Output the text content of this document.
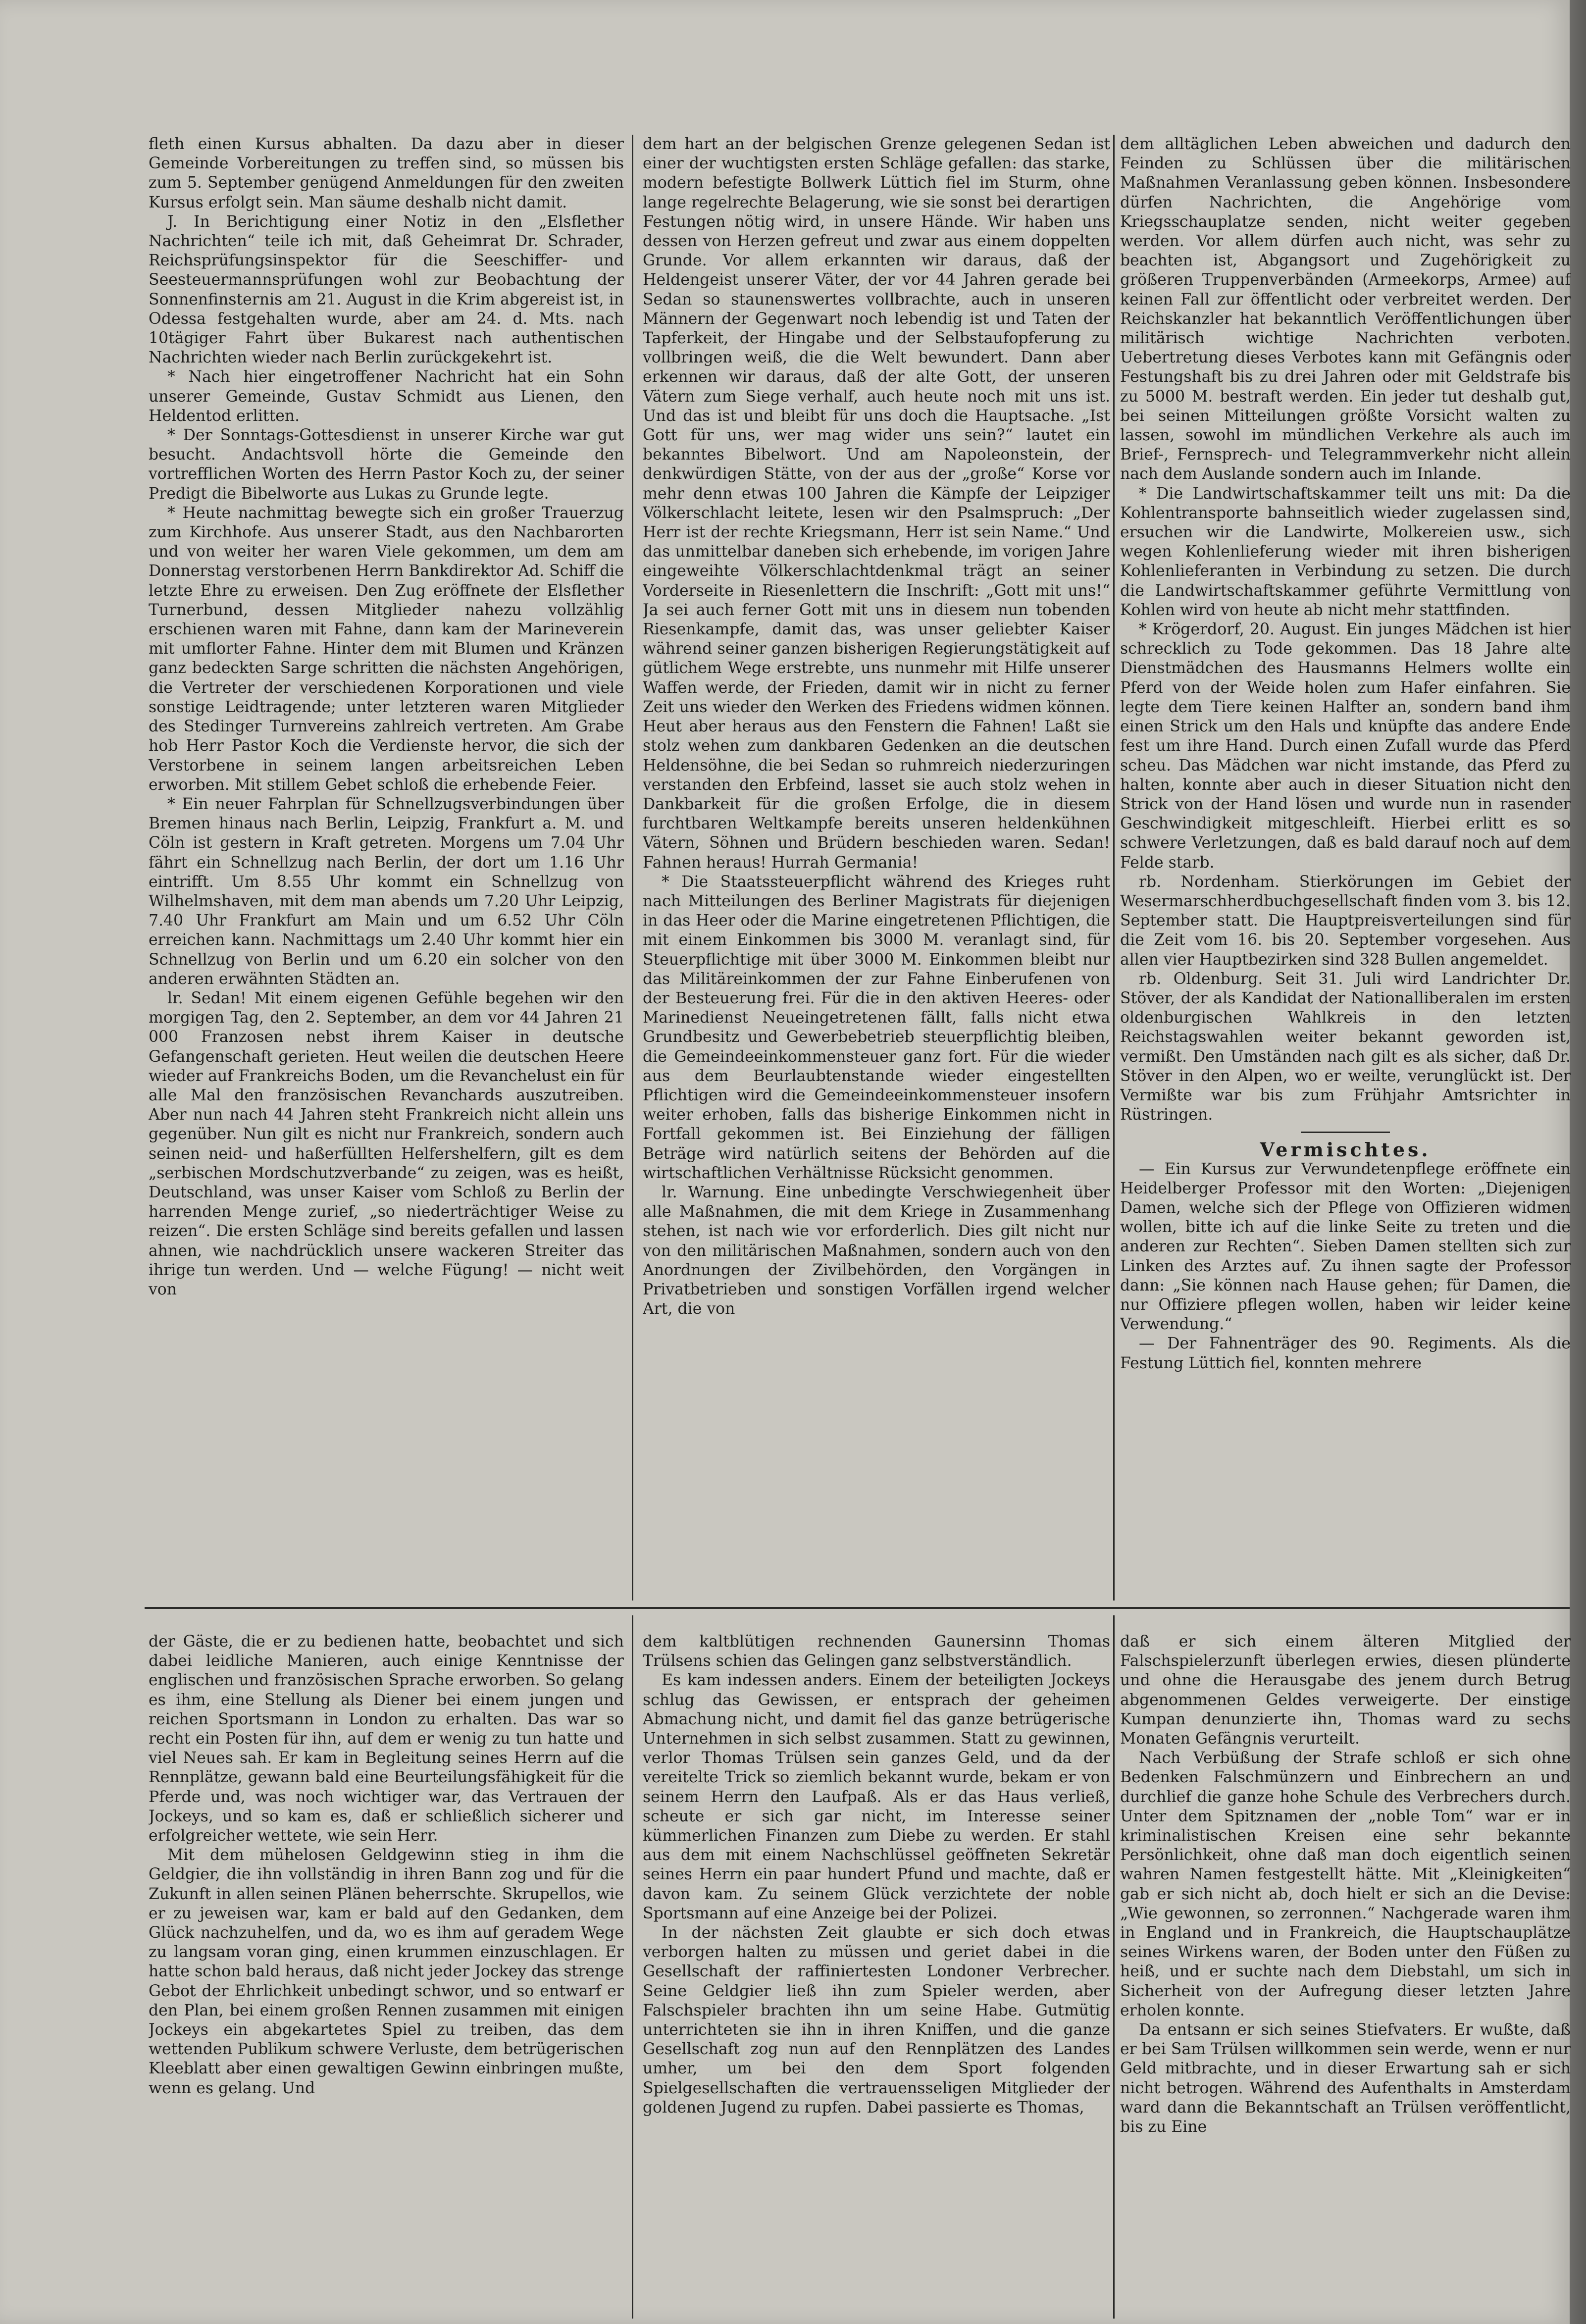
fleth einen Kursus abhalten. Da dazu aber in dieser Gemeinde Vorbereitungen zu treffen sind, so müssen bis zum 5. September genügend Anmeldungen für den zweiten Kursus erfolgt sein. Man säume deshalb nicht damit.

J. In Berichtigung einer Notiz in den „Elsflether Nachrichten“ teile ich mit, daß Geheimrat Dr. Schrader, Reichsprüfungsinspektor für die Seeschiffer- und Seesteuermannsprüfungen wohl zur Beobachtung der Sonnenfinsternis am 21. August in die Krim abgereist ist, in Odessa festgehalten wurde, aber am 24. d. Mts. nach 10tägiger Fahrt über Bukarest nach authentischen Nachrichten wieder nach Berlin zurückgekehrt ist.

* Nach hier eingetroffener Nachricht hat ein Sohn unserer Gemeinde, Gustav Schmidt aus Lienen, den Heldentod erlitten.

* Der Sonntags-Gottesdienst in unserer Kirche war gut besucht. Andachtsvoll hörte die Gemeinde den vortrefflichen Worten des Herrn Pastor Koch zu, der seiner Predigt die Bibelworte aus Lukas zu Grunde legte.

* Heute nachmittag bewegte sich ein großer Trauerzug zum Kirchhofe. Aus unserer Stadt, aus den Nachbarorten und von weiter her waren Viele gekommen, um dem am Donnerstag verstorbenen Herrn Bankdirektor Ad. Schiff die letzte Ehre zu erweisen. Den Zug eröffnete der Elsflether Turnerbund, dessen Mitglieder nahezu vollzählig erschienen waren mit Fahne, dann kam der Marineverein mit umflorter Fahne. Hinter dem mit Blumen und Kränzen ganz bedeckten Sarge schritten die nächsten Angehörigen, die Vertreter der verschiedenen Korporationen und viele sonstige Leidtragende; unter letzteren waren Mitglieder des Stedinger Turnvereins zahlreich vertreten. Am Grabe hob Herr Pastor Koch die Verdienste hervor, die sich der Verstorbene in seinem langen arbeitsreichen Leben erworben. Mit stillem Gebet schloß die erhebende Feier.

* Ein neuer Fahrplan für Schnellzugsverbindungen über Bremen hinaus nach Berlin, Leipzig, Frankfurt a. M. und Cöln ist gestern in Kraft getreten. Morgens um 7.04 Uhr fährt ein Schnellzug nach Berlin, der dort um 1.16 Uhr eintrifft. Um 8.55 Uhr kommt ein Schnellzug von Wilhelmshaven, mit dem man abends um 7.20 Uhr Leipzig, 7.40 Uhr Frankfurt am Main und um 6.52 Uhr Cöln erreichen kann. Nachmittags um 2.40 Uhr kommt hier ein Schnellzug von Berlin und um 6.20 ein solcher von den anderen erwähnten Städten an.

lr. Sedan! Mit einem eigenen Gefühle begehen wir den morgigen Tag, den 2. September, an dem vor 44 Jahren 21 000 Franzosen nebst ihrem Kaiser in deutsche Gefangenschaft gerieten. Heut weilen die deutschen Heere wieder auf Frankreichs Boden, um die Revanchelust ein für alle Mal den französischen Revanchards auszutreiben. Aber nun nach 44 Jahren steht Frankreich nicht allein uns gegenüber. Nun gilt es nicht nur Frankreich, sondern auch seinen neid- und haßerfüllten Helfershelfern, gilt es dem „serbischen Mordschutzverbande“ zu zeigen, was es heißt, Deutschland, was unser Kaiser vom Schloß zu Berlin der harrenden Menge zurief, „so niederträchtiger Weise zu reizen“. Die ersten Schläge sind bereits gefallen und lassen ahnen, wie nachdrücklich unsere wackeren Streiter das ihrige tun werden. Und — welche Fügung! — nicht weit von

dem hart an der belgischen Grenze gelegenen Sedan ist einer der wuchtigsten ersten Schläge gefallen: das starke, modern befestigte Bollwerk Lüttich fiel im Sturm, ohne lange regelrechte Belagerung, wie sie sonst bei derartigen Festungen nötig wird, in unsere Hände. Wir haben uns dessen von Herzen gefreut und zwar aus einem doppelten Grunde. Vor allem erkannten wir daraus, daß der Heldengeist unserer Väter, der vor 44 Jahren gerade bei Sedan so staunenswertes vollbrachte, auch in unseren Männern der Gegenwart noch lebendig ist und Taten der Tapferkeit, der Hingabe und der Selbstaufopferung zu vollbringen weiß, die die Welt bewundert. Dann aber erkennen wir daraus, daß der alte Gott, der unseren Vätern zum Siege verhalf, auch heute noch mit uns ist. Und das ist und bleibt für uns doch die Hauptsache. „Ist Gott für uns, wer mag wider uns sein?“ lautet ein bekanntes Bibelwort. Und am Napoleonstein, der denkwürdigen Stätte, von der aus der „große“ Korse vor mehr denn etwas 100 Jahren die Kämpfe der Leipziger Völkerschlacht leitete, lesen wir den Psalmspruch: „Der Herr ist der rechte Kriegsmann, Herr ist sein Name.“ Und das unmittelbar daneben sich erhebende, im vorigen Jahre eingeweihte Völkerschlachtdenkmal trägt an seiner Vorderseite in Riesenlettern die Inschrift: „Gott mit uns!“ Ja sei auch ferner Gott mit uns in diesem nun tobenden Riesenkampfe, damit das, was unser geliebter Kaiser während seiner ganzen bisherigen Regierungstätigkeit auf gütlichem Wege erstrebte, uns nunmehr mit Hilfe unserer Waffen werde, der Frieden, damit wir in nicht zu ferner Zeit uns wieder den Werken des Friedens widmen können. Heut aber heraus aus den Fenstern die Fahnen! Laßt sie stolz wehen zum dankbaren Gedenken an die deutschen Heldensöhne, die bei Sedan so ruhmreich niederzuringen verstanden den Erbfeind, lasset sie auch stolz wehen in Dankbarkeit für die großen Erfolge, die in diesem furchtbaren Weltkampfe bereits unseren heldenkühnen Vätern, Söhnen und Brüdern beschieden waren. Sedan! Fahnen heraus! Hurrah Germania!

* Die Staatssteuerpflicht während des Krieges ruht nach Mitteilungen des Berliner Magistrats für diejenigen in das Heer oder die Marine eingetretenen Pflichtigen, die mit einem Einkommen bis 3000 M. veranlagt sind, für Steuerpflichtige mit über 3000 M. Einkommen bleibt nur das Militäreinkommen der zur Fahne Einberufenen von der Besteuerung frei. Für die in den aktiven Heeres- oder Marinedienst Neueingetretenen fällt, falls nicht etwa Grundbesitz und Gewerbebetrieb steuerpflichtig bleiben, die Gemeindeeinkommensteuer ganz fort. Für die wieder aus dem Beurlaubtenstande wieder eingestellten Pflichtigen wird die Gemeindeeinkommensteuer insofern weiter erhoben, falls das bisherige Einkommen nicht in Fortfall gekommen ist. Bei Einziehung der fälligen Beträge wird natürlich seitens der Behörden auf die wirtschaftlichen Verhältnisse Rücksicht genommen.

lr. Warnung. Eine unbedingte Verschwiegenheit über alle Maßnahmen, die mit dem Kriege in Zusammenhang stehen, ist nach wie vor erforderlich. Dies gilt nicht nur von den militärischen Maßnahmen, sondern auch von den Anordnungen der Zivilbehörden, den Vorgängen in Privatbetrieben und sonstigen Vorfällen irgend welcher Art, die von

dem alltäglichen Leben abweichen und dadurch den Feinden zu Schlüssen über die militärischen Maßnahmen Veranlassung geben können. Insbesondere dürfen Nachrichten, die Angehörige vom Kriegsschauplatze senden, nicht weiter gegeben werden. Vor allem dürfen auch nicht, was sehr zu beachten ist, Abgangsort und Zugehörigkeit zu größeren Truppenverbänden (Armeekorps, Armee) auf keinen Fall zur öffentlicht oder verbreitet werden. Der Reichskanzler hat bekanntlich Veröffentlichungen über militärisch wichtige Nachrichten verboten. Uebertretung dieses Verbotes kann mit Gefängnis oder Festungshaft bis zu drei Jahren oder mit Geldstrafe bis zu 5000 M. bestraft werden. Ein jeder tut deshalb gut, bei seinen Mitteilungen größte Vorsicht walten zu lassen, sowohl im mündlichen Verkehre als auch im Brief-, Fernsprech- und Telegrammverkehr nicht allein nach dem Auslande sondern auch im Inlande.

* Die Landwirtschaftskammer teilt uns mit: Da die Kohlentransporte bahnseitlich wieder zugelassen sind, ersuchen wir die Landwirte, Molkereien usw., sich wegen Kohlenlieferung wieder mit ihren bisherigen Kohlenlieferanten in Verbindung zu setzen. Die durch die Landwirtschaftskammer geführte Vermittlung von Kohlen wird von heute ab nicht mehr stattfinden.

* Krögerdorf, 20. August. Ein junges Mädchen ist hier schrecklich zu Tode gekommen. Das 18 Jahre alte Dienstmädchen des Hausmanns Helmers wollte ein Pferd von der Weide holen zum Hafer einfahren. Sie legte dem Tiere keinen Halfter an, sondern band ihm einen Strick um den Hals und knüpfte das andere Ende fest um ihre Hand. Durch einen Zufall wurde das Pferd scheu. Das Mädchen war nicht imstande, das Pferd zu halten, konnte aber auch in dieser Situation nicht den Strick von der Hand lösen und wurde nun in rasender Geschwindigkeit mitgeschleift. Hierbei erlitt es so schwere Verletzungen, daß es bald darauf noch auf dem Felde starb.

rb. Nordenham. Stierkörungen im Gebiet der Wesermarschherdbuchgesellschaft finden vom 3. bis 12. September statt. Die Hauptpreisverteilungen sind für die Zeit vom 16. bis 20. September vorgesehen. Aus allen vier Hauptbezirken sind 328 Bullen angemeldet.

rb. Oldenburg. Seit 31. Juli wird Landrichter Dr. Stöver, der als Kandidat der Nationalliberalen im ersten oldenburgischen Wahlkreis in den letzten Reichstagswahlen weiter bekannt geworden ist, vermißt. Den Umständen nach gilt es als sicher, daß Dr. Stöver in den Alpen, wo er weilte, verunglückt ist. Der Vermißte war bis zum Frühjahr Amtsrichter in Rüstringen.

Vermischtes.

— Ein Kursus zur Verwundetenpflege eröffnete ein Heidelberger Professor mit den Worten: „Diejenigen Damen, welche sich der Pflege von Offizieren widmen wollen, bitte ich auf die linke Seite zu treten und die anderen zur Rechten“. Sieben Damen stellten sich zur Linken des Arztes auf. Zu ihnen sagte der Professor dann: „Sie können nach Hause gehen; für Damen, die nur Offiziere pflegen wollen, haben wir leider keine Verwendung.“

— Der Fahnenträger des 90. Regiments. Als die Festung Lüttich fiel, konnten mehrere

der Gäste, die er zu bedienen hatte, beobachtet und sich dabei leidliche Manieren, auch einige Kenntnisse der englischen und französischen Sprache erworben. So gelang es ihm, eine Stellung als Diener bei einem jungen und reichen Sportsmann in London zu erhalten. Das war so recht ein Posten für ihn, auf dem er wenig zu tun hatte und viel Neues sah. Er kam in Begleitung seines Herrn auf die Rennplätze, gewann bald eine Beurteilungsfähigkeit für die Pferde und, was noch wichtiger war, das Vertrauen der Jockeys, und so kam es, daß er schließlich sicherer und erfolgreicher wettete, wie sein Herr.

Mit dem mühelosen Geldgewinn stieg in ihm die Geldgier, die ihn vollständig in ihren Bann zog und für die Zukunft in allen seinen Plänen beherrschte. Skrupellos, wie er zu jeweisen war, kam er bald auf den Gedanken, dem Glück nachzuhelfen, und da, wo es ihm auf geradem Wege zu langsam voran ging, einen krummen einzuschlagen. Er hatte schon bald heraus, daß nicht jeder Jockey das strenge Gebot der Ehrlichkeit unbedingt schwor, und so entwarf er den Plan, bei einem großen Rennen zusammen mit einigen Jockeys ein abgekartetes Spiel zu treiben, das dem wettenden Publikum schwere Verluste, dem betrügerischen Kleeblatt aber einen gewaltigen Gewinn einbringen mußte, wenn es gelang. Und

dem kaltblütigen rechnenden Gaunersinn Thomas Trülsens schien das Gelingen ganz selbstverständlich.

Es kam indessen anders. Einem der beteiligten Jockeys schlug das Gewissen, er entsprach der geheimen Abmachung nicht, und damit fiel das ganze betrügerische Unternehmen in sich selbst zusammen. Statt zu gewinnen, verlor Thomas Trülsen sein ganzes Geld, und da der vereitelte Trick so ziemlich bekannt wurde, bekam er von seinem Herrn den Laufpaß. Als er das Haus verließ, scheute er sich gar nicht, im Interesse seiner kümmerlichen Finanzen zum Diebe zu werden. Er stahl aus dem mit einem Nachschlüssel geöffneten Sekretär seines Herrn ein paar hundert Pfund und machte, daß er davon kam. Zu seinem Glück verzichtete der noble Sportsmann auf eine Anzeige bei der Polizei.

In der nächsten Zeit glaubte er sich doch etwas verborgen halten zu müssen und geriet dabei in die Gesellschaft der raffiniertesten Londoner Verbrecher. Seine Geldgier ließ ihn zum Spieler werden, aber Falschspieler brachten ihn um seine Habe. Gutmütig unterrichteten sie ihn in ihren Kniffen, und die ganze Gesellschaft zog nun auf den Rennplätzen des Landes umher, um bei den dem Sport folgenden Spielgesellschaften die vertrauensseligen Mitglieder der goldenen Jugend zu rupfen. Dabei passierte es Thomas,

daß er sich einem älteren Mitglied der Falschspielerzunft überlegen erwies, diesen plünderte und ohne die Herausgabe des jenem durch Betrug abgenommenen Geldes verweigerte. Der einstige Kumpan denunzierte ihn, Thomas ward zu sechs Monaten Gefängnis verurteilt.

Nach Verbüßung der Strafe schloß er sich ohne Bedenken Falschmünzern und Einbrechern an und durchlief die ganze hohe Schule des Verbrechers durch. Unter dem Spitznamen der „noble Tom“ war er in kriminalistischen Kreisen eine sehr bekannte Persönlichkeit, ohne daß man doch eigentlich seinen wahren Namen festgestellt hätte. Mit „Kleinigkeiten“ gab er sich nicht ab, doch hielt er sich an die Devise: „Wie gewonnen, so zerronnen.“ Nachgerade waren ihm in England und in Frankreich, die Hauptschauplätze seines Wirkens waren, der Boden unter den Füßen zu heiß, und er suchte nach dem Diebstahl, um sich in Sicherheit von der Aufregung dieser letzten Jahre erholen konnte.

Da entsann er sich seines Stiefvaters. Er wußte, daß er bei Sam Trülsen willkommen sein werde, wenn er nur Geld mitbrachte, und in dieser Erwartung sah er sich nicht betrogen. Während des Aufenthalts in Amsterdam ward dann die Bekanntschaft an Trülsen veröffentlicht, bis zu Eine
